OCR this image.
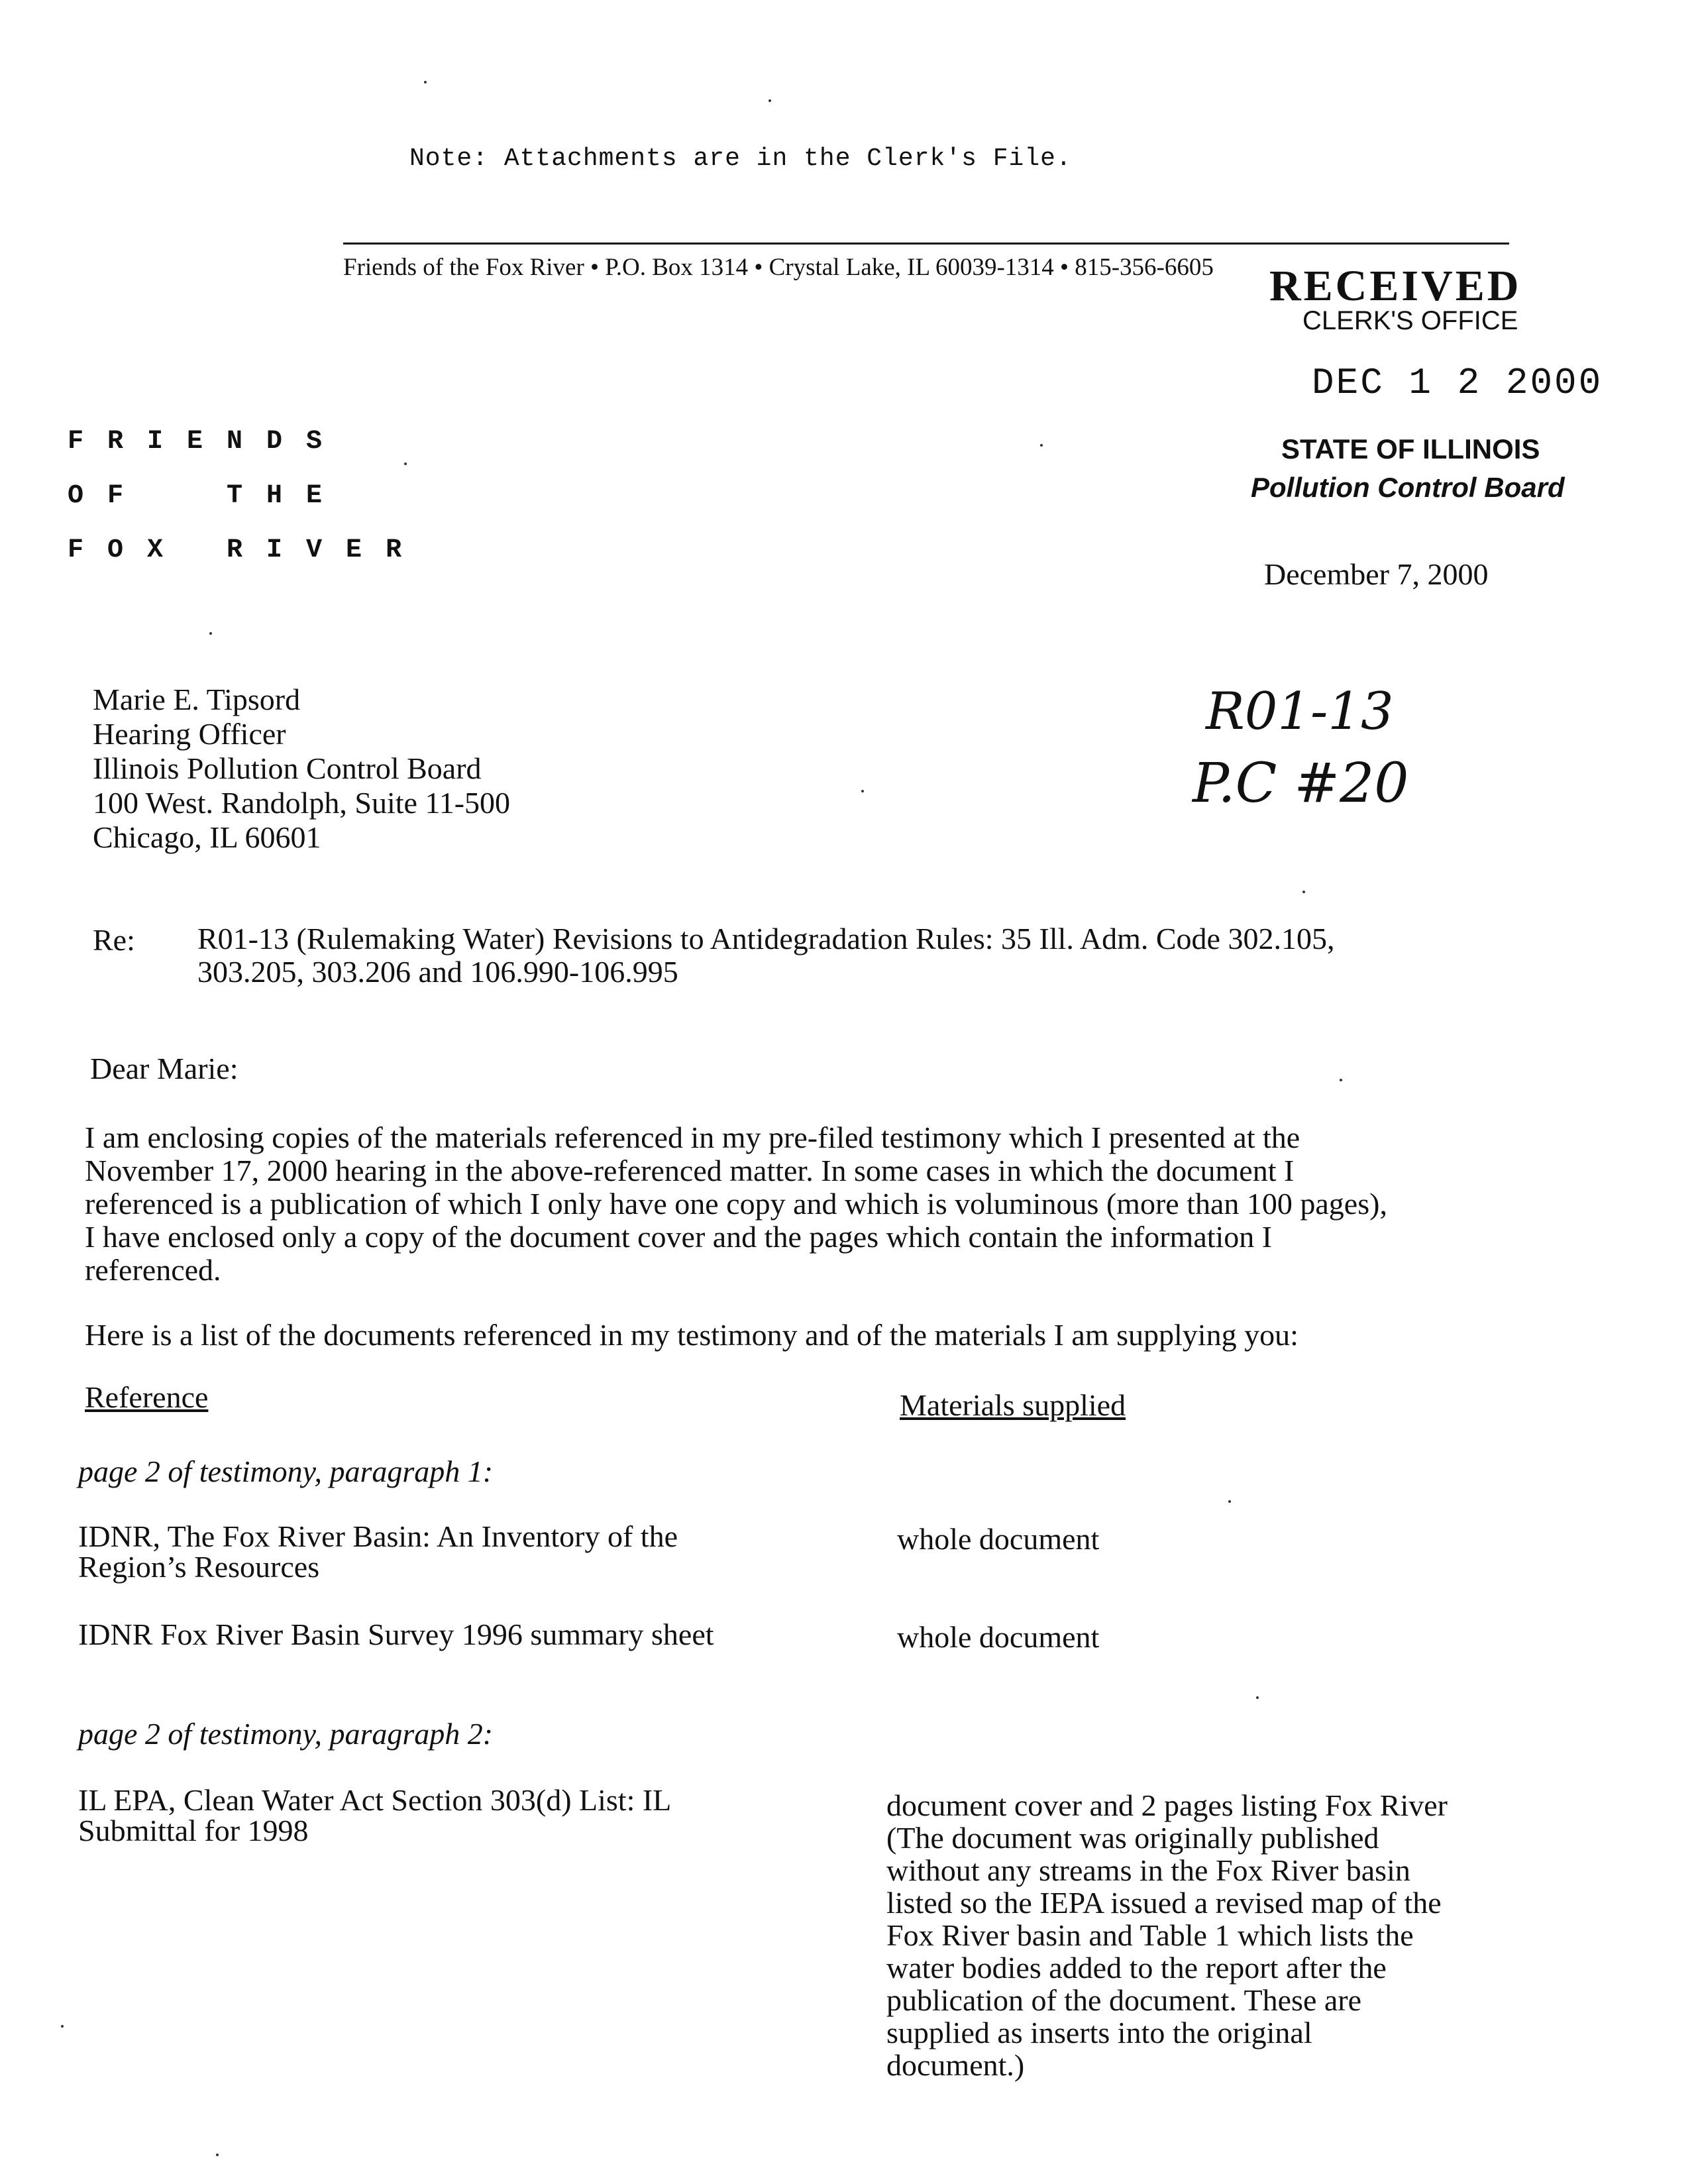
Note: Attachments are in the Clerk's File.
Friends of the Fox River • P.O. Box 1314 • Crystal Lake, IL 60039-1314 • 815-356-6605 RECEIVED
CLERK'S OFFICE
DEC 1 2 2000
STATE OF ILLINOIS
Pollution Control Board
F R I E N D S
O F     T H E
F O X   R I V E R
December 7, 2000
R01-13
P.C #20
Marie E. Tipsord
Hearing Officer
Illinois Pollution Control Board
100 West. Randolph, Suite 11-500
Chicago, IL 60601
Re: R01-13 (Rulemaking Water) Revisions to Antidegradation Rules: 35 Ill. Adm. Code 302.105,
303.205, 303.206 and 106.990-106.995
Dear Marie:
I am enclosing copies of the materials referenced in my pre-filed testimony which I presented at the
November 17, 2000 hearing in the above-referenced matter. In some cases in which the document I
referenced is a publication of which I only have one copy and which is voluminous (more than 100 pages),
I have enclosed only a copy of the document cover and the pages which contain the information I
referenced.
Here is a list of the documents referenced in my testimony and of the materials I am supplying you:
Reference	Materials supplied
page 2 of testimony, paragraph 1:
IDNR, The Fox River Basin: An Inventory of the
Region’s Resources
whole document
IDNR Fox River Basin Survey 1996 summary sheet	whole document
page 2 of testimony, paragraph 2:
IL EPA, Clean Water Act Section 303(d) List: IL
Submittal for 1998
document cover and 2 pages listing Fox River
(The document was originally published
without any streams in the Fox River basin
listed so the IEPA issued a revised map of the
Fox River basin and Table 1 which lists the
water bodies added to the report after the
publication of the document. These are
supplied as inserts into the original
document.)
